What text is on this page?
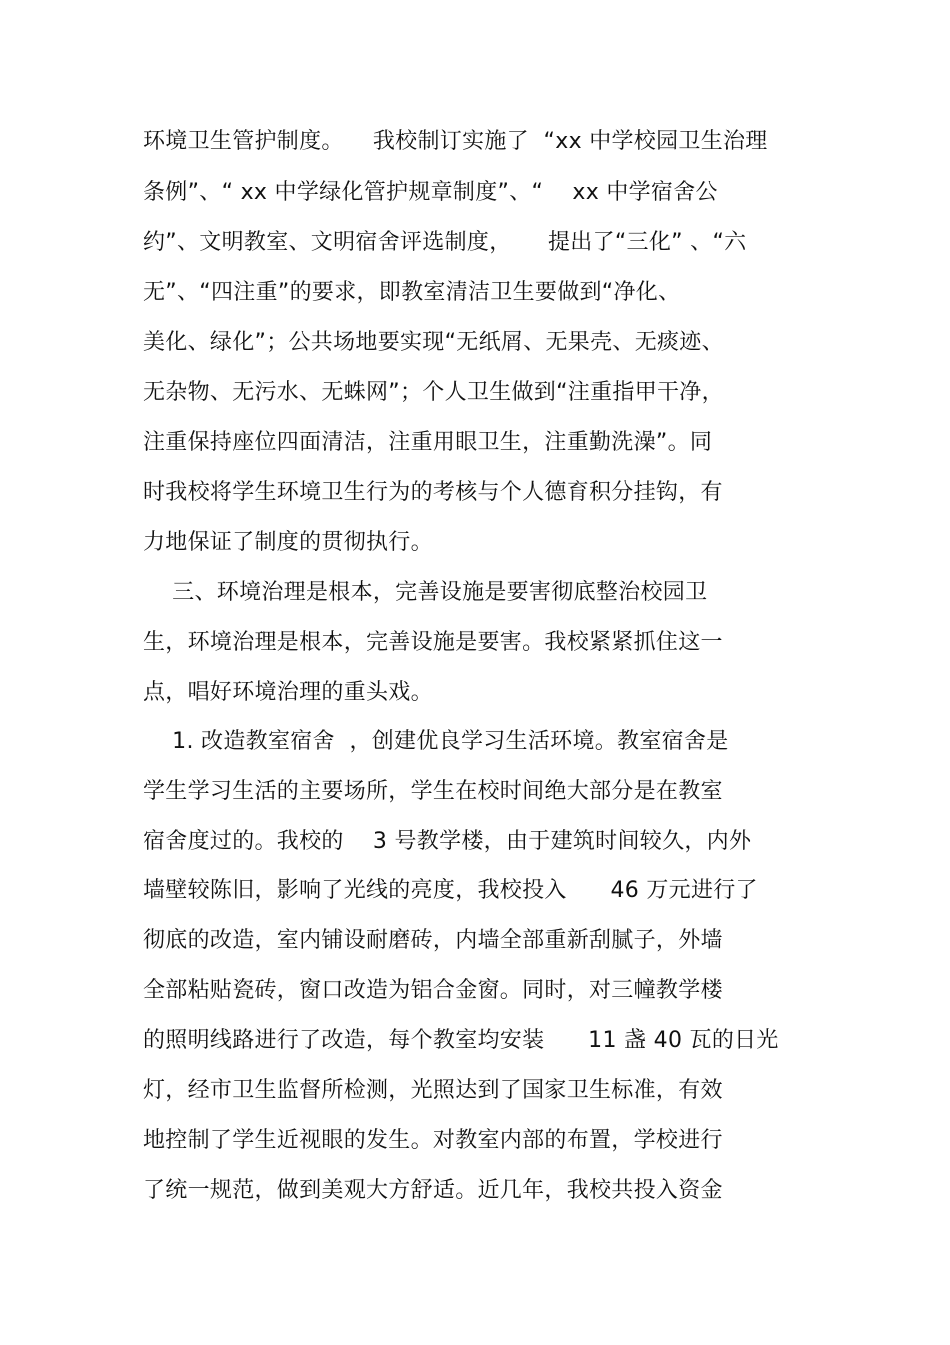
环境卫生管护制度。    我校制订实施了  “xx 中学校园卫生治理
条例”、“ xx 中学绿化管护规章制度”、“    xx 中学宿舍公
约”、文明教室、文明宿舍评选制度，     提出了“三化” 、“六
无”、“四注重”的要求，即教室清洁卫生要做到“净化、
美化、绿化”；公共场地要实现“无纸屑、无果壳、无痰迹、
无杂物、无污水、无蛛网”；个人卫生做到“注重指甲干净，
注重保持座位四面清洁，注重用眼卫生，注重勤洗澡”。同
时我校将学生环境卫生行为的考核与个人德育积分挂钩，有
力地保证了制度的贯彻执行。
三、环境治理是根本，完善设施是要害彻底整治校园卫
生，环境治理是根本，完善设施是要害。我校紧紧抓住这一
点，唱好环境治理的重头戏。
1. 改造教室宿舍  ，创建优良学习生活环境。教室宿舍是
学生学习生活的主要场所，学生在校时间绝大部分是在教室
宿舍度过的。我校的    3 号教学楼，由于建筑时间较久，内外
墙壁较陈旧，影响了光线的亮度，我校投入      46 万元进行了
彻底的改造，室内铺设耐磨砖，内墙全部重新刮腻子，外墙
全部粘贴瓷砖，窗口改造为铝合金窗。同时，对三幢教学楼
的照明线路进行了改造，每个教室均安装      11 盏 40 瓦的日光
灯，经市卫生监督所检测，光照达到了国家卫生标准，有效
地控制了学生近视眼的发生。对教室内部的布置，学校进行
了统一规范，做到美观大方舒适。近几年，我校共投入资金
